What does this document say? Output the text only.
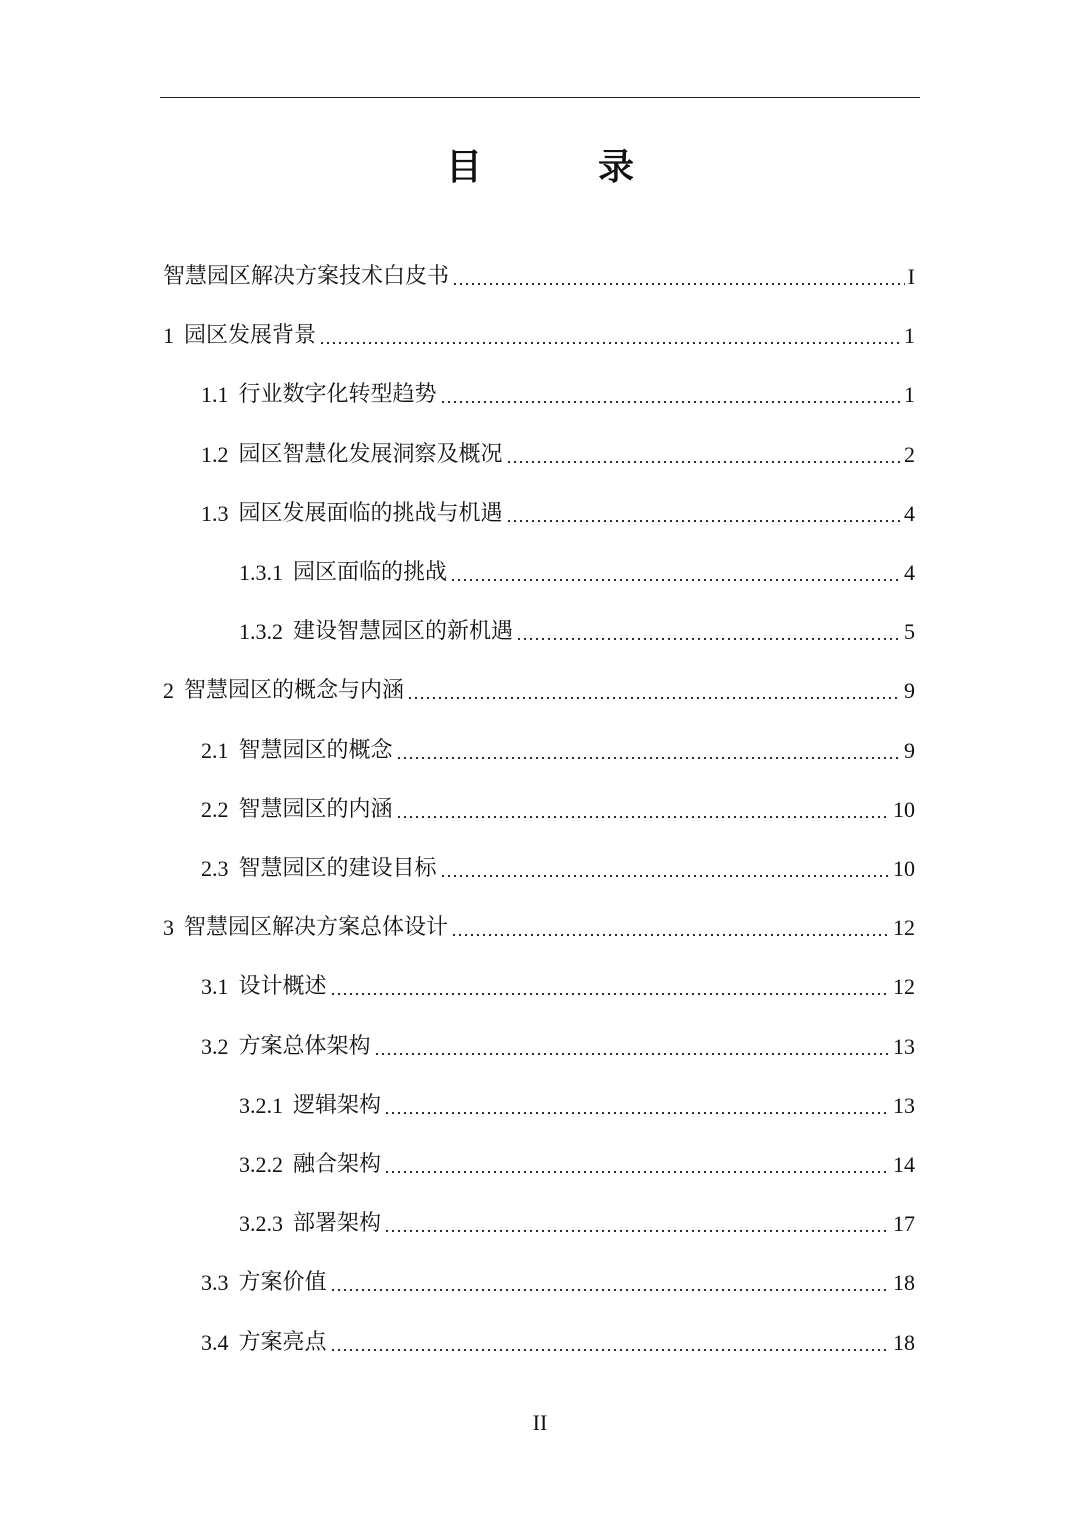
目　录
智慧园区解决方案技术白皮书	I
1 园区发展背景	1
1.1 行业数字化转型趋势	1
1.2 园区智慧化发展洞察及概况	2
1.3 园区发展面临的挑战与机遇	4
1.3.1 园区面临的挑战	4
1.3.2 建设智慧园区的新机遇	5
2 智慧园区的概念与内涵	9
2.1 智慧园区的概念	9
2.2 智慧园区的内涵	10
2.3 智慧园区的建设目标	10
3 智慧园区解决方案总体设计	12
3.1 设计概述	12
3.2 方案总体架构	13
3.2.1 逻辑架构	13
3.2.2 融合架构	14
3.2.3 部署架构	17
3.3 方案价值	18
3.4 方案亮点	18
II
